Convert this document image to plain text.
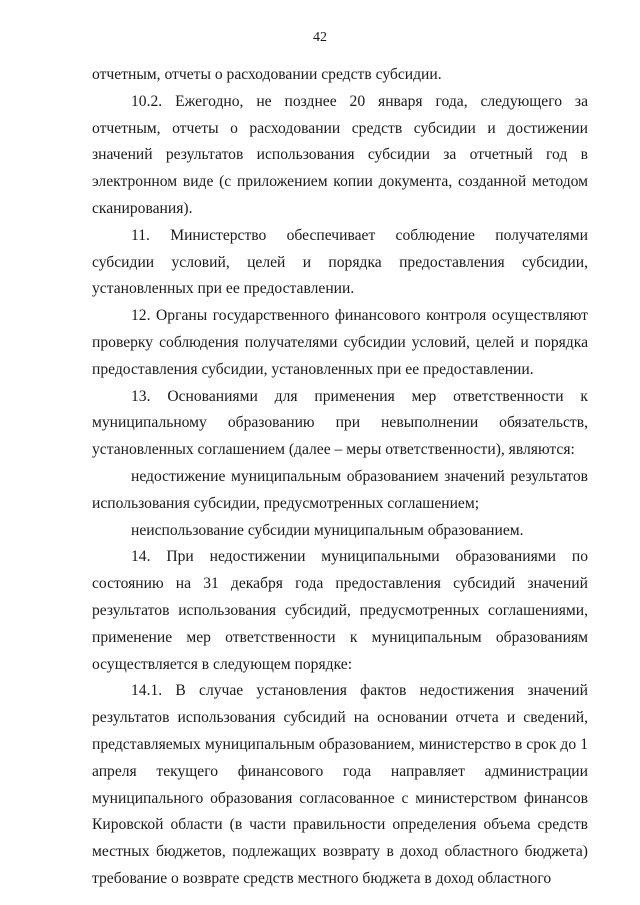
42

отчетным, отчеты о расходовании средств субсидии.

10.2. Ежегодно, не позднее 20 января года, следующего за отчетным, отчеты о расходовании средств субсидии и достижении значений результатов использования субсидии за отчетный год в электронном виде (с приложением копии документа, созданной методом сканирования).

11. Министерство обеспечивает соблюдение получателями субсидии условий, целей и порядка предоставления субсидии, установленных при ее предоставлении.

12. Органы государственного финансового контроля осуществляют проверку соблюдения получателями субсидии условий, целей и порядка предоставления субсидии, установленных при ее предоставлении.

13. Основаниями для применения мер ответственности к муниципальному образованию при невыполнении обязательств, установленных соглашением (далее – меры ответственности), являются:

недостижение муниципальным образованием значений результатов использования субсидии, предусмотренных соглашением;

неиспользование субсидии муниципальным образованием.

14. При недостижении муниципальными образованиями по состоянию на 31 декабря года предоставления субсидий значений результатов использования субсидий, предусмотренных соглашениями, применение мер ответственности к муниципальным образованиям осуществляется в следующем порядке:

14.1. В случае установления фактов недостижения значений результатов использования субсидий на основании отчета и сведений, представляемых муниципальным образованием, министерство в срок до 1 апреля текущего финансового года направляет администрации муниципального образования согласованное с министерством финансов Кировской области (в части правильности определения объема средств местных бюджетов, подлежащих возврату в доход областного бюджета) требование о возврате средств местного бюджета в доход областного
